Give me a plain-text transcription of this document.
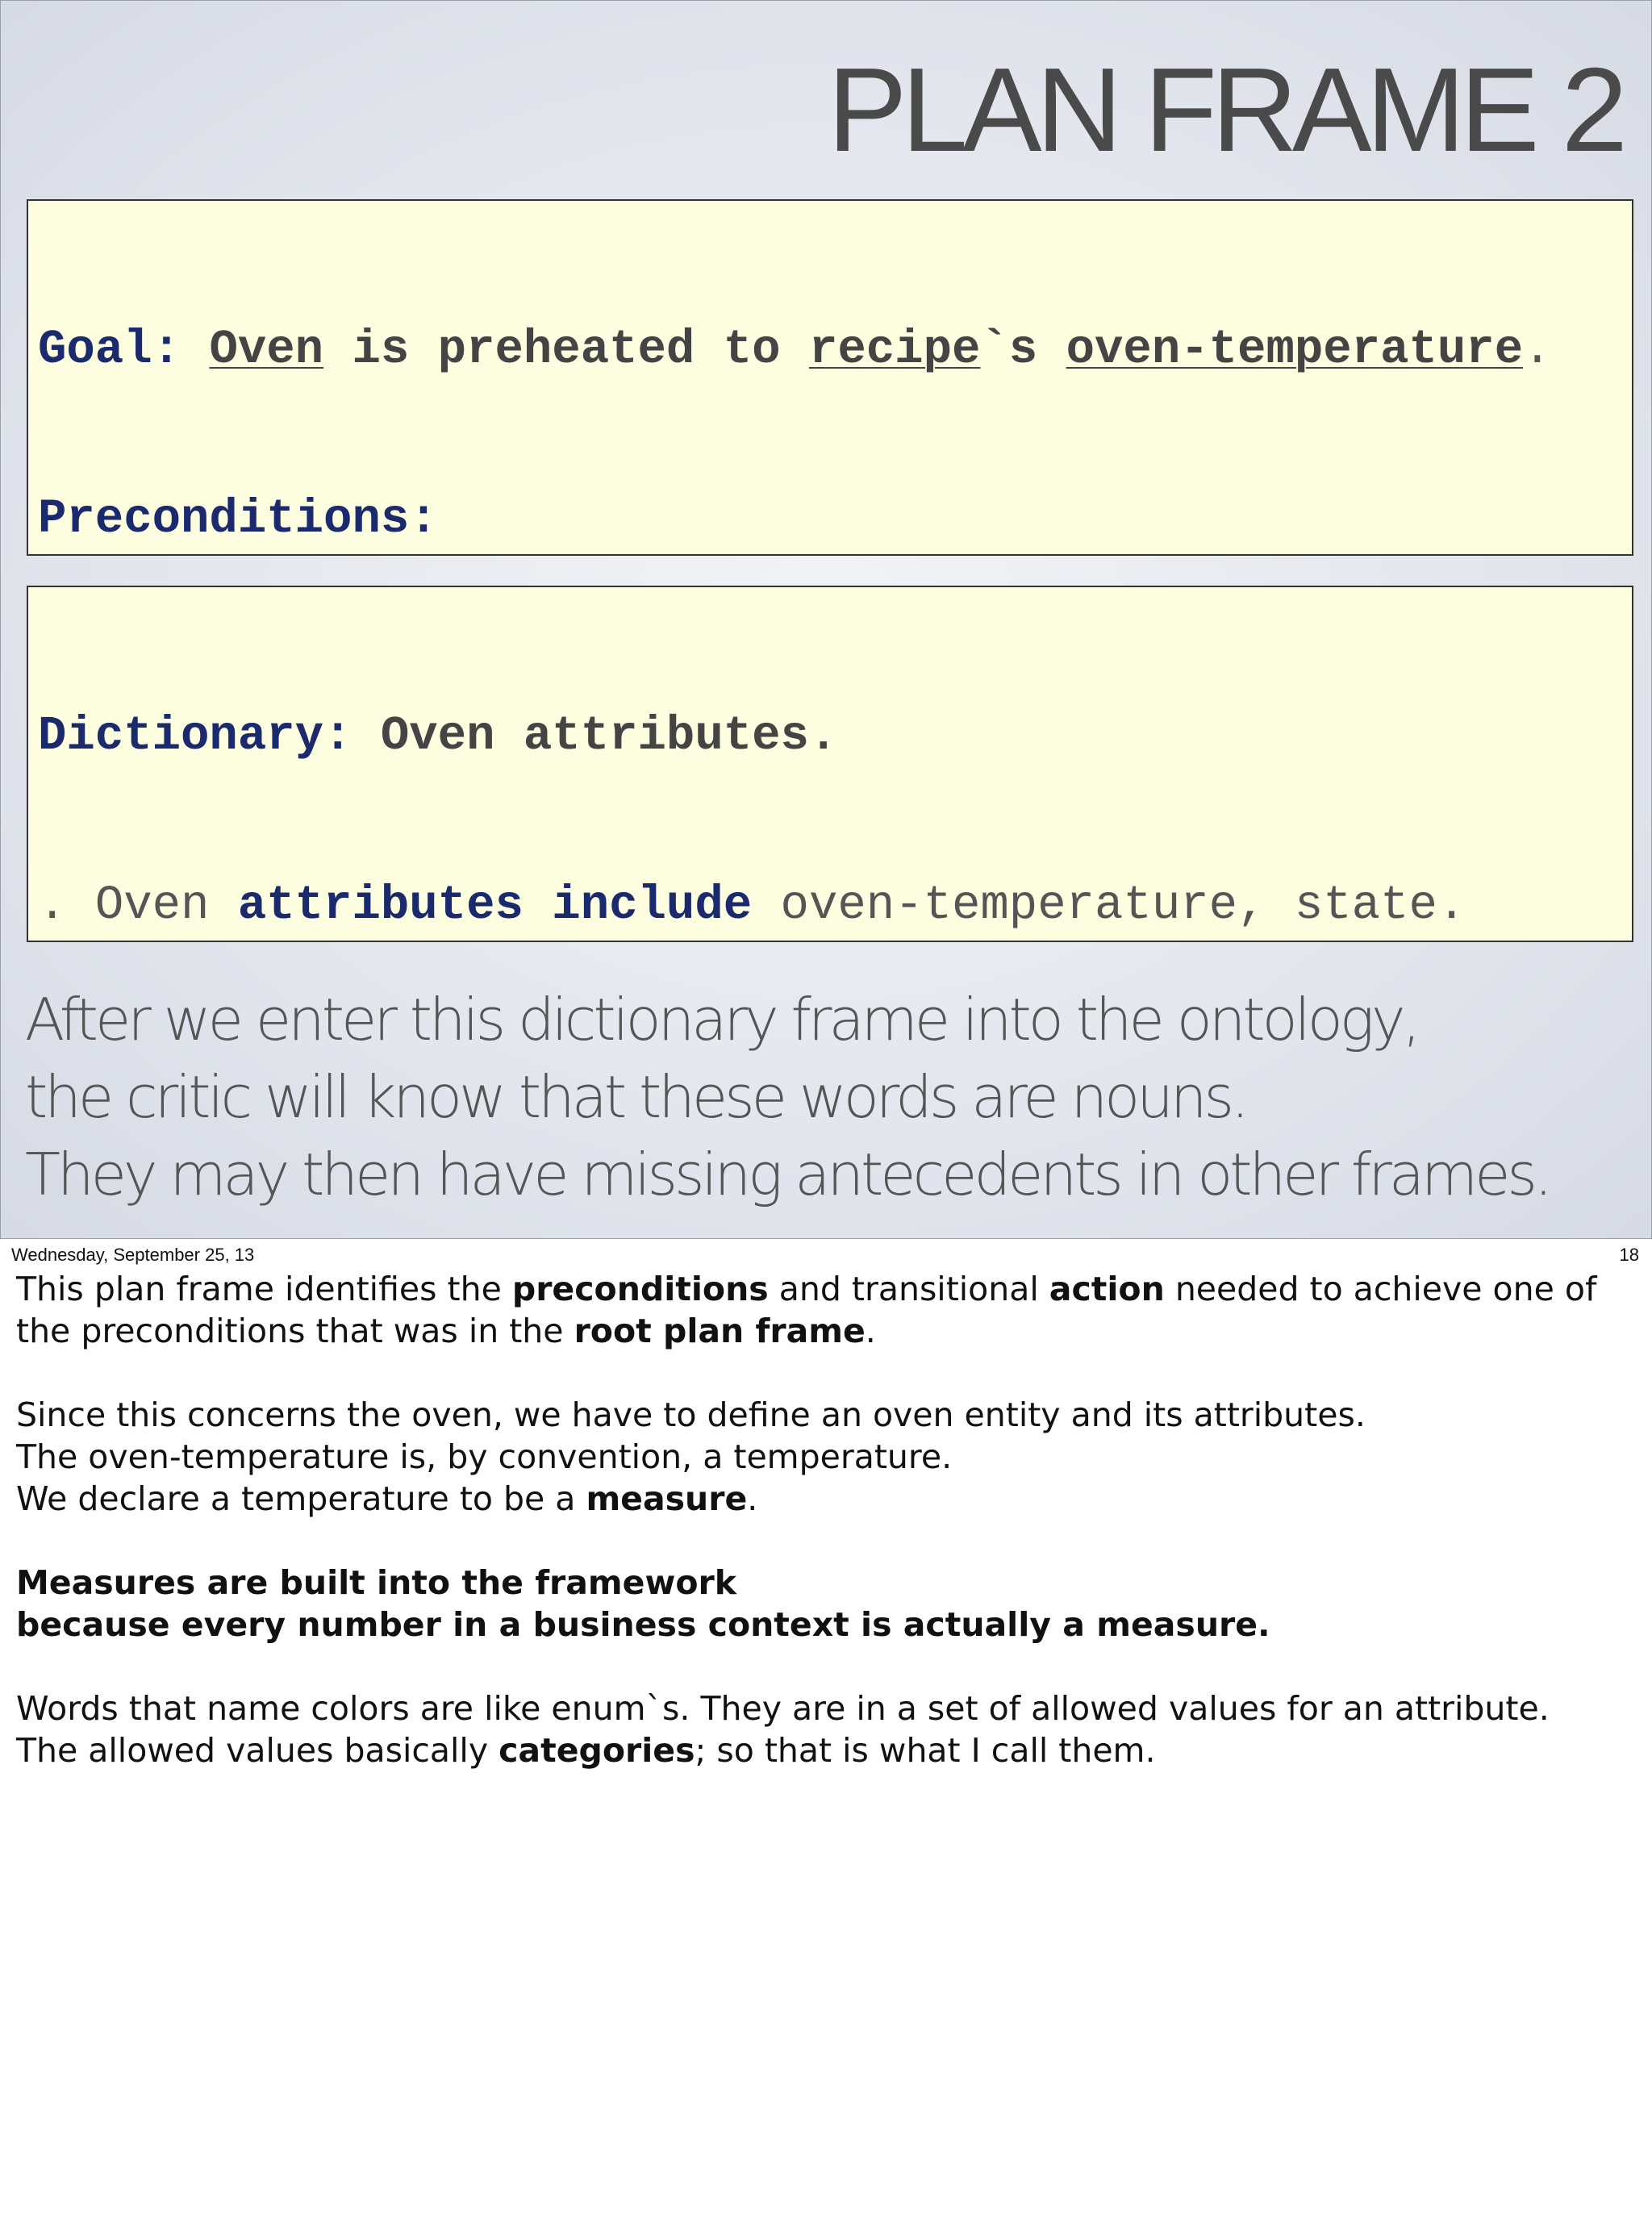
PLAN FRAME 2

Goal: Oven is preheated to recipe`s oven-temperature.

Preconditions:

Dictionary: Oven attributes.

. Oven attributes include oven-temperature, state.

After we enter this dictionary frame into the ontology,
the critic will know that these words are nouns.
They may then have missing antecedents in other frames.
Wednesday, September 25, 13	18
This plan frame identifies the preconditions and transitional action needed to achieve one of
the preconditions that was in the root plan frame.
Since this concerns the oven, we have to define an oven entity and its attributes.
The oven-temperature is, by convention, a temperature.
We declare a temperature to be a measure.
Measures are built into the framework
because every number in a business context is actually a measure.
Words that name colors are like enum`s. They are in a set of allowed values for an attribute.
The allowed values basically categories; so that is what I call them.
